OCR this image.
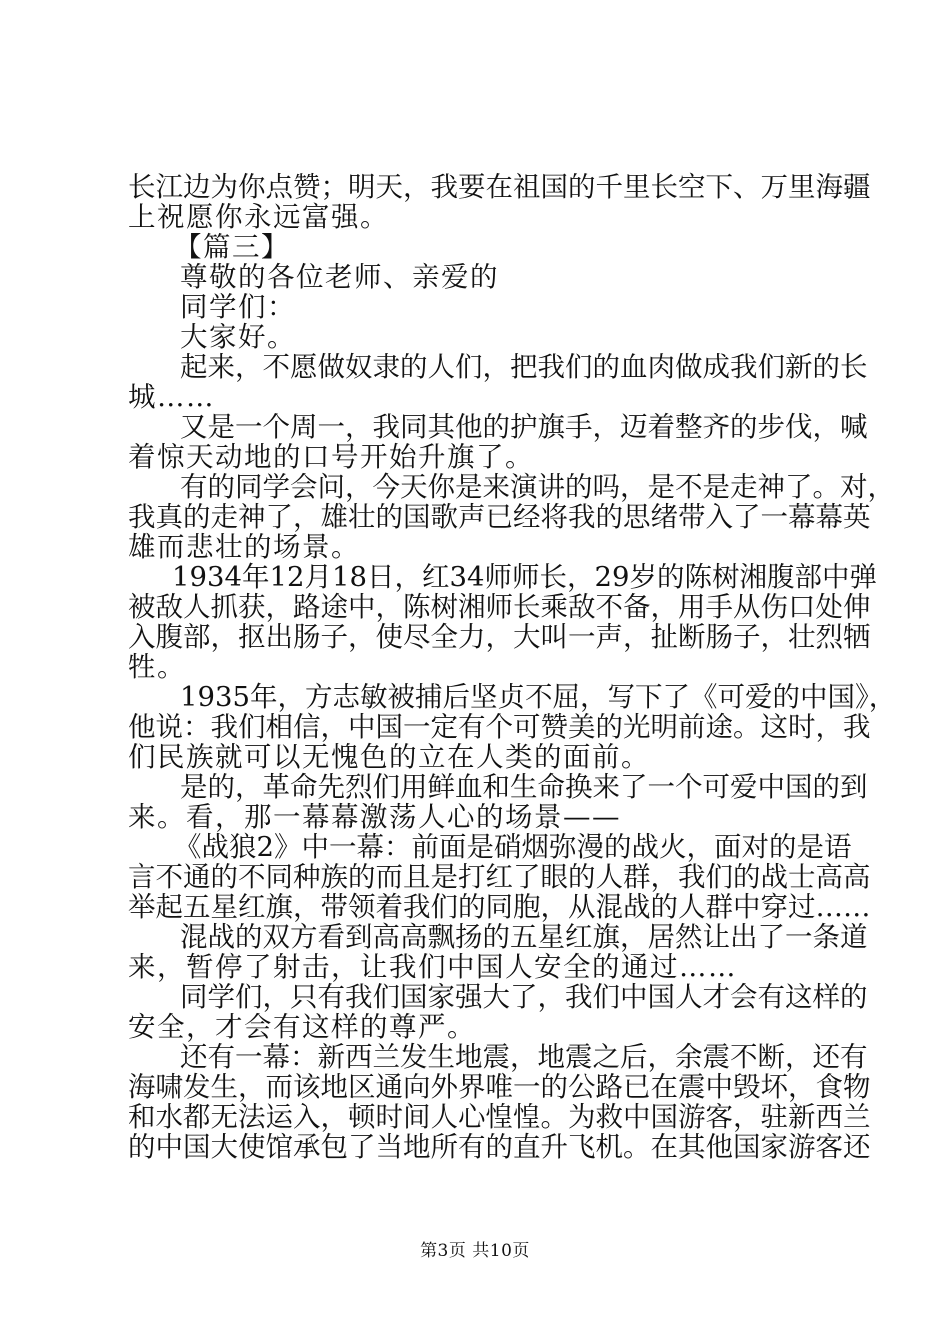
长江边为你点赞；明天，我要在祖国的千里长空下、万里海疆
上祝愿你永远富强。
【篇三】
尊敬的各位老师、亲爱的
同学们：
大家好。
起来，不愿做奴隶的人们，把我们的血肉做成我们新的长
城……
又是一个周一，我同其他的护旗手，迈着整齐的步伐，喊
着惊天动地的口号开始升旗了。
有的同学会问，今天你是来演讲的吗，是不是走神了。对，
我真的走神了，雄壮的国歌声已经将我的思绪带入了一幕幕英
雄而悲壮的场景。
1934年12月18日，红34师师长，29岁的陈树湘腹部中弹
被敌人抓获，路途中，陈树湘师长乘敌不备，用手从伤口处伸
入腹部，抠出肠子，使尽全力，大叫一声，扯断肠子，壮烈牺
牲。
1935年，方志敏被捕后坚贞不屈，写下了《可爱的中国》，
他说：我们相信，中国一定有个可赞美的光明前途。这时，我
们民族就可以无愧色的立在人类的面前。
是的，革命先烈们用鲜血和生命换来了一个可爱中国的到
来。看，那一幕幕激荡人心的场景——
《战狼2》中一幕：前面是硝烟弥漫的战火，面对的是语
言不通的不同种族的而且是打红了眼的人群，我们的战士高高
举起五星红旗，带领着我们的同胞，从混战的人群中穿过……
混战的双方看到高高飘扬的五星红旗，居然让出了一条道
来，暂停了射击，让我们中国人安全的通过……
同学们，只有我们国家强大了，我们中国人才会有这样的
安全，才会有这样的尊严。
还有一幕：新西兰发生地震，地震之后，余震不断，还有
海啸发生，而该地区通向外界唯一的公路已在震中毁坏，食物
和水都无法运入，顿时间人心惶惶。为救中国游客，驻新西兰
的中国大使馆承包了当地所有的直升飞机。在其他国家游客还
第3页 共10页
